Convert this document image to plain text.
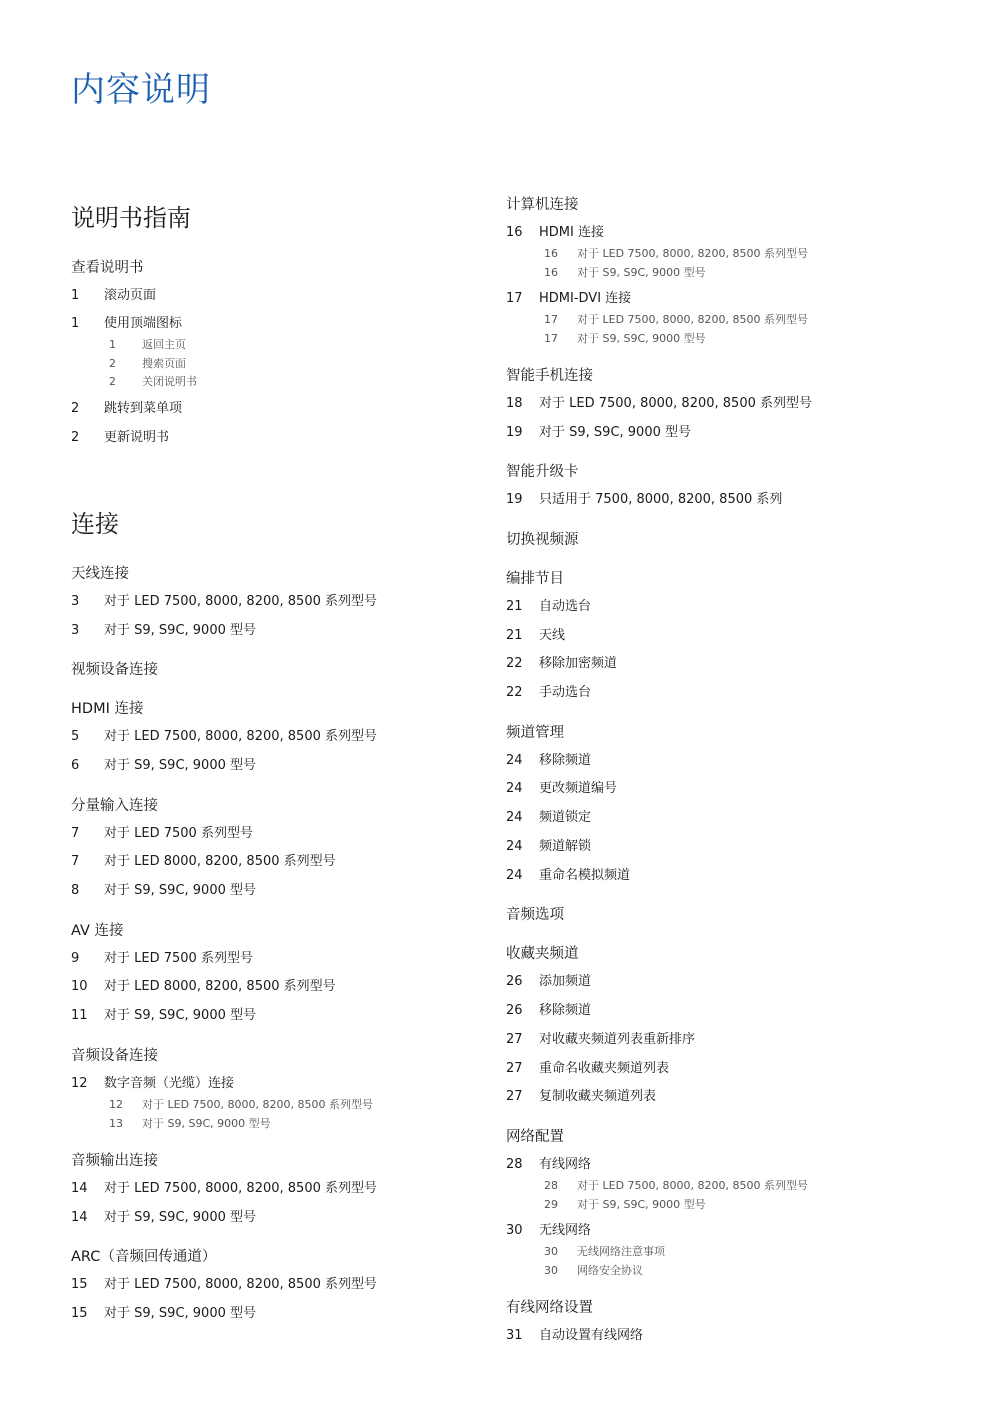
内容说明
说明书指南
查看说明书
1 滚动页面
1 使用顶端图标
1 返回主页
2 搜索页面
2 关闭说明书
2 跳转到菜单项
2 更新说明书
连接
天线连接
3 对于 LED 7500, 8000, 8200, 8500 系列型号
3 对于 S9, S9C, 9000 型号
视频设备连接
HDMI 连接
5 对于 LED 7500, 8000, 8200, 8500 系列型号
6 对于 S9, S9C, 9000 型号
分量输入连接
7 对于 LED 7500 系列型号
7 对于 LED 8000, 8200, 8500 系列型号
8 对于 S9, S9C, 9000 型号
AV 连接
9 对于 LED 7500 系列型号
10 对于 LED 8000, 8200, 8500 系列型号
11 对于 S9, S9C, 9000 型号
音频设备连接
12 数字音频（光缆）连接
12 对于 LED 7500, 8000, 8200, 8500 系列型号
13 对于 S9, S9C, 9000 型号
音频输出连接
14 对于 LED 7500, 8000, 8200, 8500 系列型号
14 对于 S9, S9C, 9000 型号
ARC（音频回传通道）
15 对于 LED 7500, 8000, 8200, 8500 系列型号
15 对于 S9, S9C, 9000 型号
计算机连接
16 HDMI 连接
16 对于 LED 7500, 8000, 8200, 8500 系列型号
16 对于 S9, S9C, 9000 型号
17 HDMI-DVI 连接
17 对于 LED 7500, 8000, 8200, 8500 系列型号
17 对于 S9, S9C, 9000 型号
智能手机连接
18 对于 LED 7500, 8000, 8200, 8500 系列型号
19 对于 S9, S9C, 9000 型号
智能升级卡
19 只适用于 7500, 8000, 8200, 8500 系列
切换视频源
编排节目
21 自动选台
21 天线
22 移除加密频道
22 手动选台
频道管理
24 移除频道
24 更改频道编号
24 频道锁定
24 频道解锁
24 重命名模拟频道
音频选项
收藏夹频道
26 添加频道
26 移除频道
27 对收藏夹频道列表重新排序
27 重命名收藏夹频道列表
27 复制收藏夹频道列表
网络配置
28 有线网络
28 对于 LED 7500, 8000, 8200, 8500 系列型号
29 对于 S9, S9C, 9000 型号
30 无线网络
30 无线网络注意事项
30 网络安全协议
有线网络设置
31 自动设置有线网络
